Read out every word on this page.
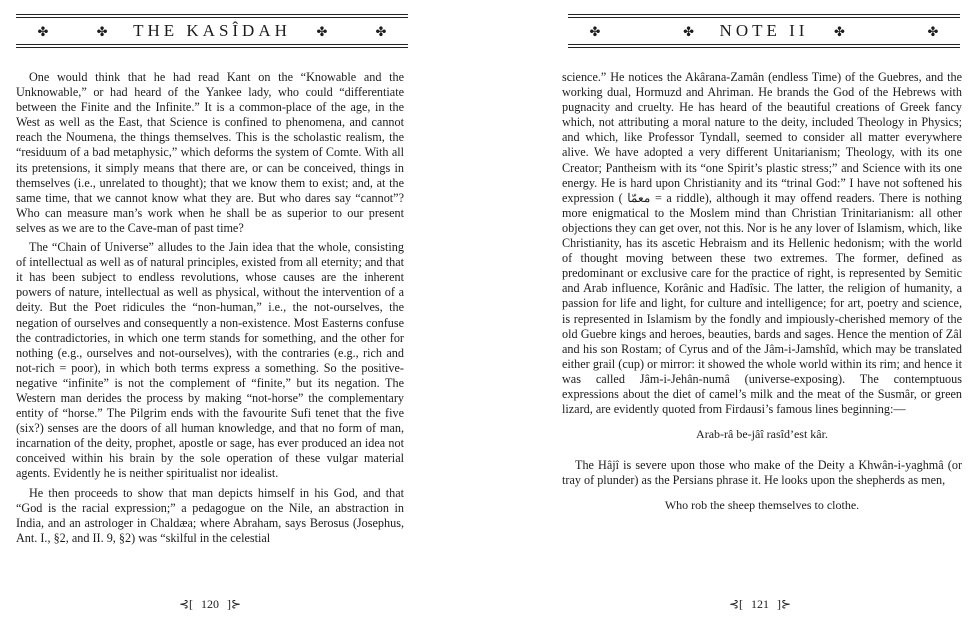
✤	✤	THE KASÎDAH	✤	✤

One would think that he had read Kant on the “Knowable and the Unknowable,” or had heard of the Yankee lady, who could “differentiate between the Finite and the Infinite.” It is a common-place of the age, in the West as well as the East, that Science is confined to phenomena, and cannot reach the Noumena, the things themselves. This is the scholastic realism, the “residuum of a bad metaphysic,” which deforms the system of Comte. With all its pretensions, it simply means that there are, or can be conceived, things in themselves (i.e., unrelated to thought); that we know them to exist; and, at the same time, that we cannot know what they are. But who dares say “cannot”? Who can measure man’s work when he shall be as superior to our present selves as we are to the Cave-man of past time?

The “Chain of Universe” alludes to the Jain idea that the whole, consisting of intellectual as well as of natural principles, existed from all eternity; and that it has been subject to endless revolutions, whose causes are the inherent powers of nature, intellectual as well as physical, without the intervention of a deity. But the Poet ridicules the “non-human,” i.e., the not-ourselves, the negation of ourselves and consequently a non-existence. Most Easterns confuse the contradictories, in which one term stands for something, and the other for nothing (e.g., ourselves and not-ourselves), with the contraries (e.g., rich and not-rich = poor), in which both terms express a something. So the positive-negative “infinite” is not the complement of “finite,” but its negation. The Western man derides the process by making “not-horse” the complementary entity of “horse.” The Pilgrim ends with the favourite Sufi tenet that the five (six?) senses are the doors of all human knowledge, and that no form of man, incarnation of the deity, prophet, apostle or sage, has ever produced an idea not conceived within his brain by the sole operation of these vulgar material agents. Evidently he is neither spiritualist nor idealist.

He then proceeds to show that man depicts himself in his God, and that “God is the racial expression;” a pedagogue on the Nile, an abstraction in India, and an astrologer in Chaldæa; where Abraham, says Berosus (Josephus, Ant. I., §2, and II. 9, §2) was “skilful in the celestial

⊰[ 120 ]⊱
✤	✤	NOTE II	✤	✤

science.” He notices the Akârana-Zamân (endless Time) of the Guebres, and the working dual, Hormuzd and Ahriman. He brands the God of the Hebrews with pugnacity and cruelty. He has heard of the beautiful creations of Greek fancy which, not attributing a moral nature to the deity, included Theology in Physics; and which, like Professor Tyndall, seemed to consider all matter everywhere alive. We have adopted a very different Unitarianism; Theology, with its one Creator; Pantheism with its “one Spirit’s plastic stress;” and Science with its one energy. He is hard upon Christianity and its “trinal God:” I have not softened his expression ( معمّا = a riddle), although it may offend readers. There is nothing more enigmatical to the Moslem mind than Christian Trinitarianism: all other objections they can get over, not this. Nor is he any lover of Islamism, which, like Christianity, has its ascetic Hebraism and its Hellenic hedonism; with the world of thought moving between these two extremes. The former, defined as predominant or exclusive care for the practice of right, is represented by Semitic and Arab influence, Korânic and Hadîsic. The latter, the religion of humanity, a passion for life and light, for culture and intelligence; for art, poetry and science, is represented in Islamism by the fondly and impiously-cherished memory of the old Guebre kings and heroes, beauties, bards and sages. Hence the mention of Zâl and his son Rostam; of Cyrus and of the Jâm-i-Jamshîd, which may be translated either grail (cup) or mirror: it showed the whole world within its rim; and hence it was called Jâm-i-Jehân-numâ (universe-exposing). The contemptuous expressions about the diet of camel’s milk and the meat of the Susmâr, or green lizard, are evidently quoted from Firdausi’s famous lines beginning:—

Arab-râ be-jâî rasîd’est kâr.

The Hâjî is severe upon those who make of the Deity a Khwân-i-yaghmâ (or tray of plunder) as the Persians phrase it. He looks upon the shepherds as men,

Who rob the sheep themselves to clothe.

⊰[ 121 ]⊱
